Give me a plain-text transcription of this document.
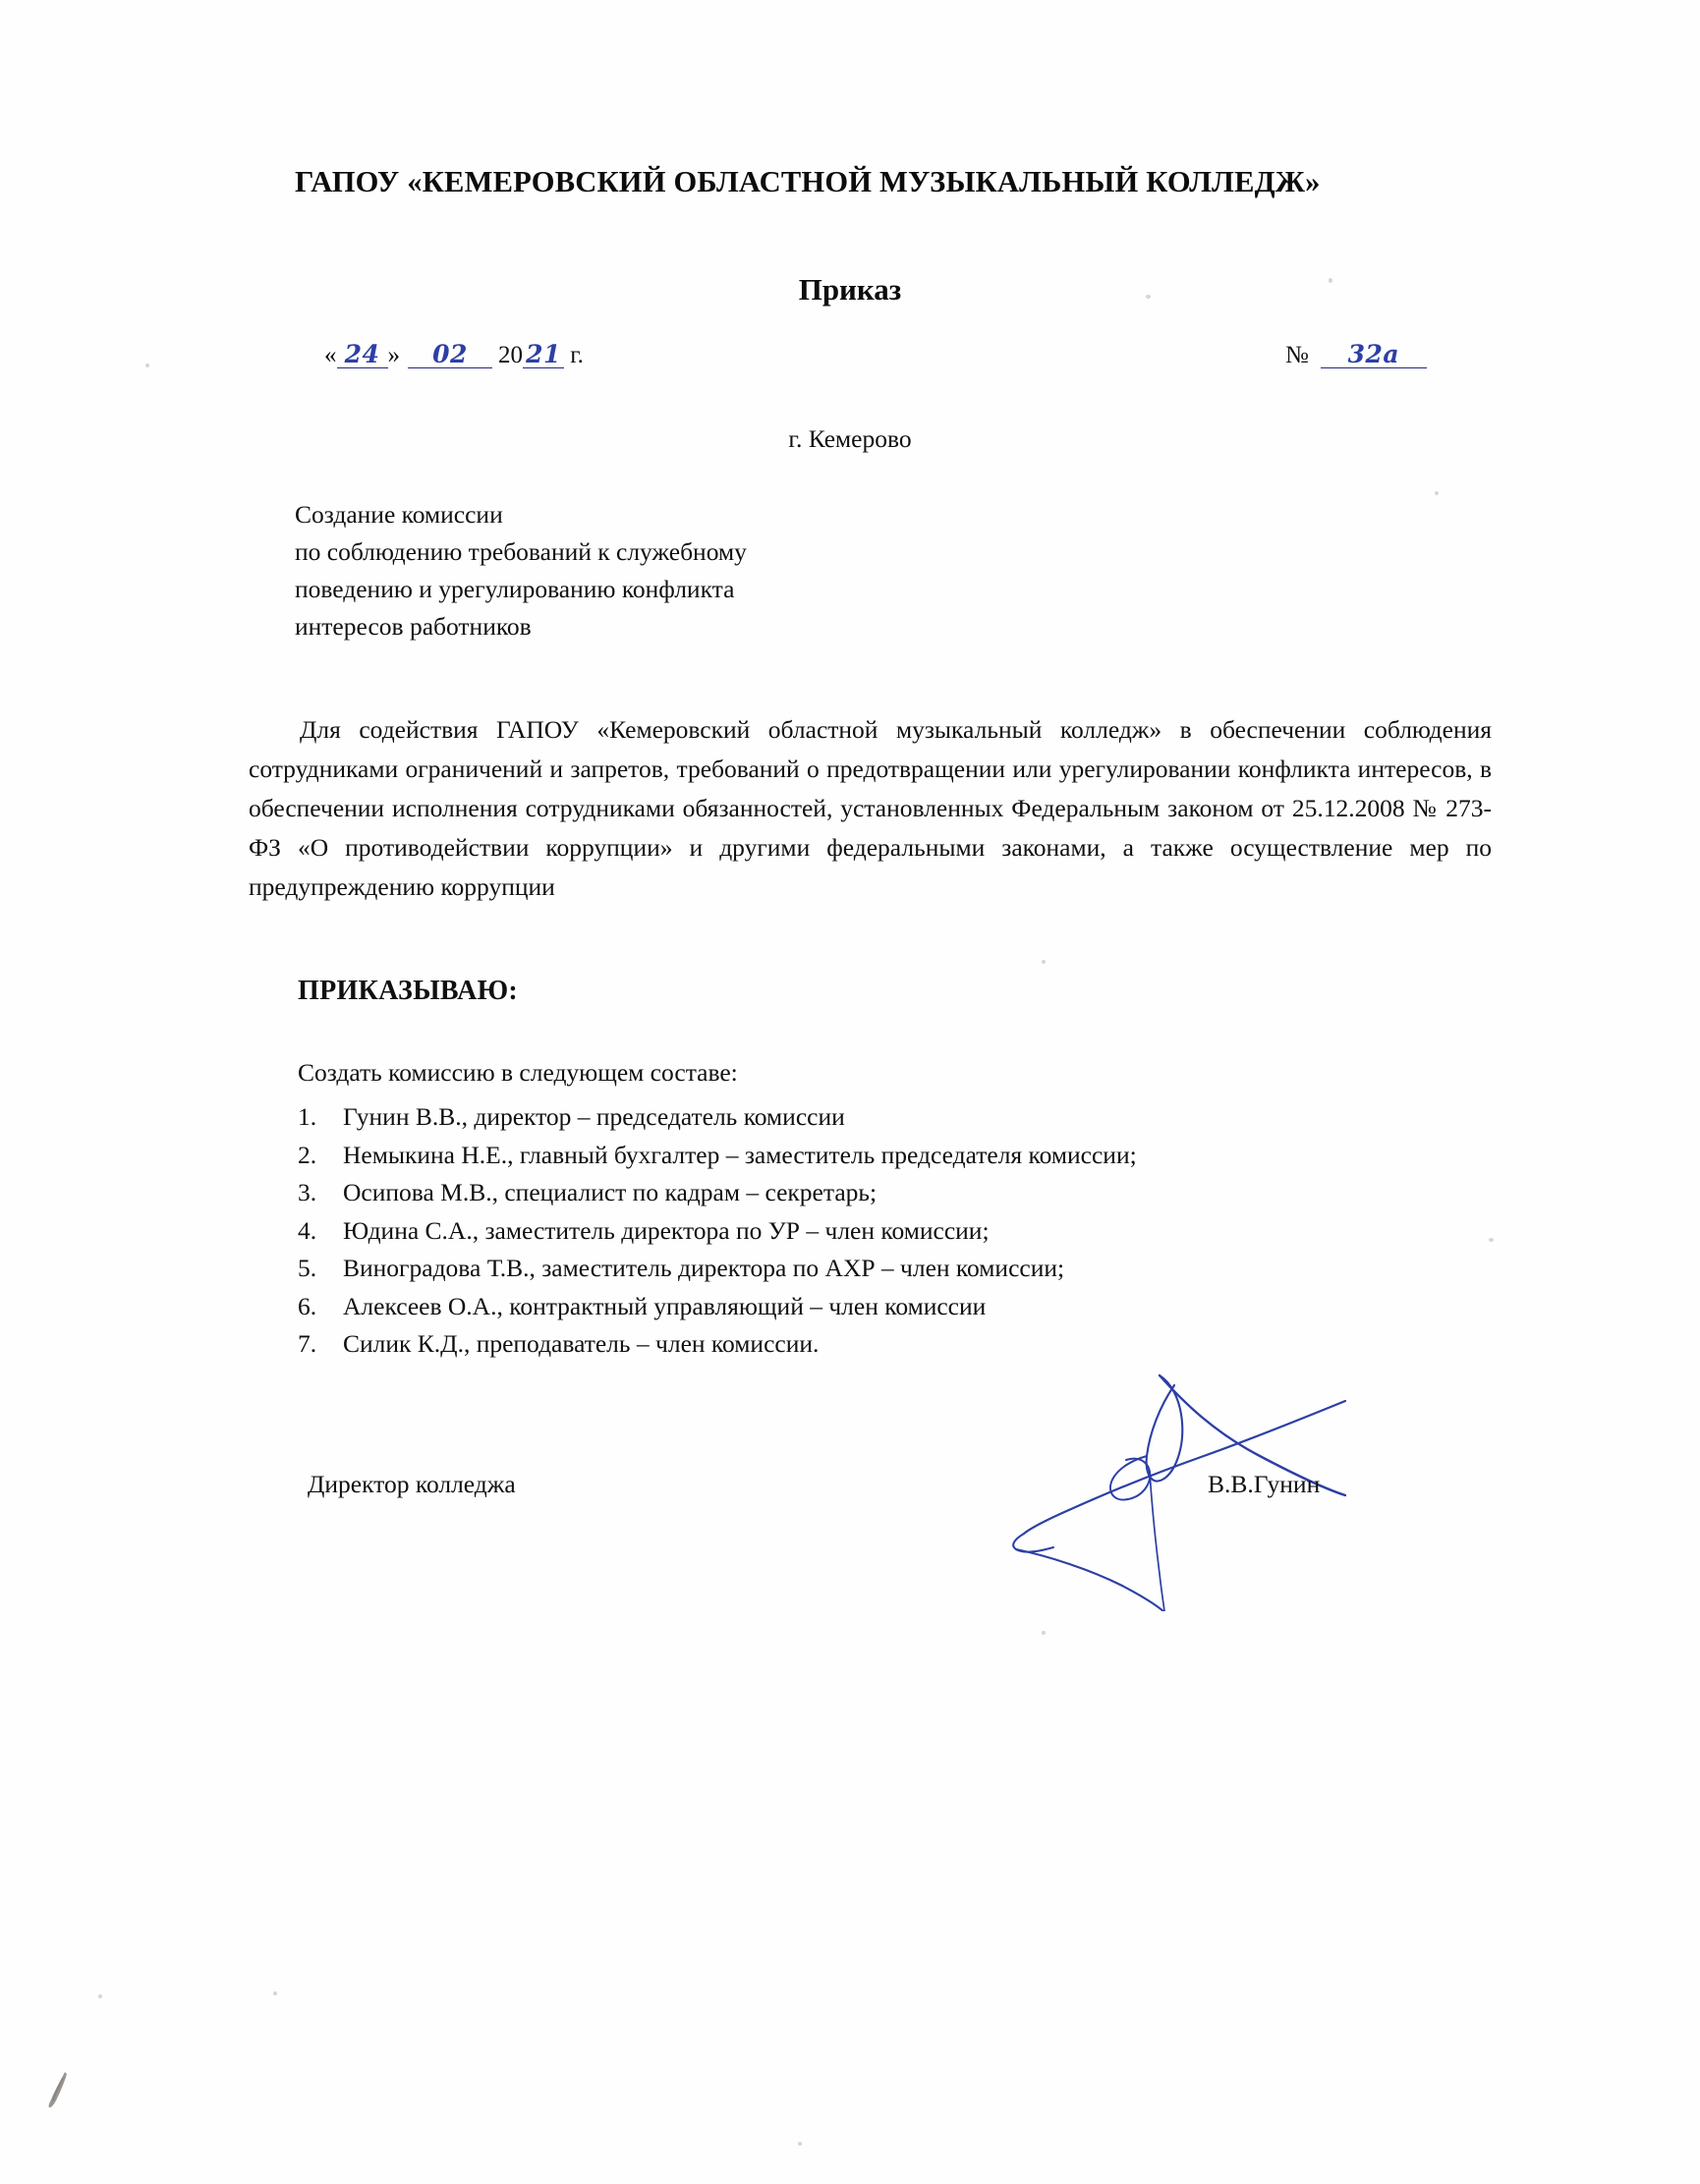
ГАПОУ «КЕМЕРОВСКИЙ ОБЛАСТНОЙ МУЗЫКАЛЬНЫЙ КОЛЛЕДЖ»
Приказ
« 24 » 02 20 21 г.	№ 32а
г. Кемерово
Создание комиссии
по соблюдению требований к служебному
поведению и урегулированию конфликта
интересов работников
Для содействия ГАПОУ «Кемеровский областной музыкальный колледж» в обеспечении соблюдения сотрудниками ограничений и запретов, требований о предотвращении или урегулировании конфликта интересов, в обеспечении исполнения сотрудниками обязанностей, установленных Федеральным законом от 25.12.2008 № 273-ФЗ «О противодействии коррупции» и другими федеральными законами, а также осуществление мер по предупреждению коррупции
ПРИКАЗЫВАЮ:
Создать комиссию в следующем составе:
1. Гунин В.В., директор – председатель комиссии
2. Немыкина Н.Е., главный бухгалтер – заместитель председателя комиссии;
3. Осипова М.В., специалист по кадрам – секретарь;
4. Юдина С.А., заместитель директора по УР – член комиссии;
5. Виноградова Т.В., заместитель директора по АХР – член комиссии;
6. Алексеев О.А., контрактный управляющий – член комиссии
7. Силик К.Д., преподаватель – член комиссии.
Директор колледжа	В.В.Гунин
